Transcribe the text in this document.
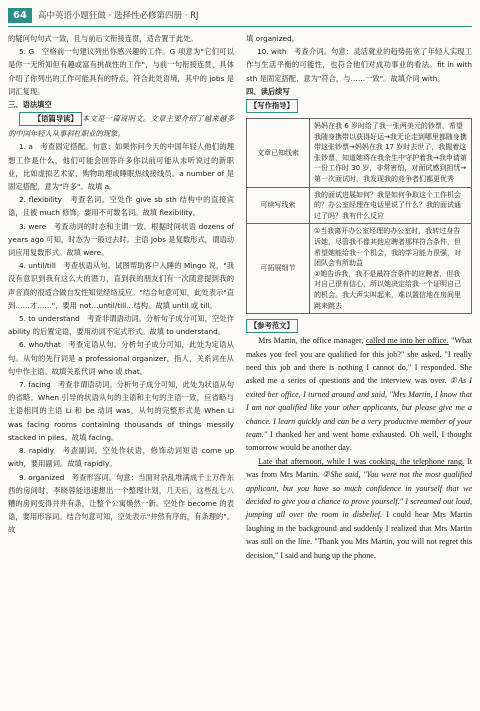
64	高中英语小题狂做 · 选择性必修第四册 · RJ

的疑问句句式一致，且与前后文衔接连贯，适合置于此处。

5. G　空格前一句建议列出你感兴趣的工作。G 项意为"它们可以是你一无所知但有趣或富有挑战性的工作"，与前一句衔接连贯，具体介绍了你列出的工作可能具有的特点，符合此处语境，其中的 jobs 是词汇复现。

三、语法填空

【语篇导读】 本文是一篇说明文。文章主要介绍了越来越多的中国年轻人从事斜杠职业的现象。

1. a　考查固定搭配。句意：如果你问今天的中国年轻人他们的理想工作是什么，他们可能会回答许多你以前可能从未听说过的新职业，比如虚拟艺术家、购物助理或睡眠热线接线员。a number of 是固定搭配，意为"许多"。故填 a。

2. flexibility　考查名词。空处作 give sb sth 结构中的直接宾语，且被 much 修饰，要用不可数名词。故填 flexibility。

3. were　考查动词的时态和主谓一致。根据时间状语 dozens of years ago 可知，时态为一般过去时。主语 Jobs 是复数形式，谓语动词应用复数形式。故填 were。

4. until/till　考查状语从句。试图帮助客户入睡的 Mingo 说，"我没有意识到我有这么大的潜力，直到我的朋友们有一次随意提到我的声音真的很适合做自发性知觉经络反应。"结合句意可知，此处表示"直到……才……"，要用 not…until/till…结构。故填 until 或 till。

5. to understand　考查非谓语动词。分析句子成分可知，空处作 ability 的后置定语，要用动词不定式形式。故填 to understand。

6. who/that　考查定语从句。分析句子成分可知，此处为定语从句。从句的先行词是 a professional organizer，指人，关系词在从句中作主语。故填关系代词 who 或 that。

7. facing　考查非谓语动词。分析句子成分可知，此处为状语从句的省略。When 引导的状语从句的主语和主句的主语一致，应省略与主语相同的主语 Li 和 be 动词 was，从句的完整形式是 When Li was facing rooms containing thousands of things messily stacked in piles。故填 facing。

8. rapidly　考查副词。空处作状语，修饰动词短语 come up with，要用副词。故填 rapidly。

9. organized　考查形容词。句意：当面对杂乱堆满成千上万件东西的房间时，李晓蓉能迅速想出一个整理计划，几天后，这些乱七八糟的房间变得井井有条，让整个公寓焕然一新。空处作 become 的表语，要用形容词。结合句意可知，空处表示"井然有序的，有条理的"。故

填 organized。

10. with　考查介词。句意：灵活就业的趋势拓宽了年轻人实现工作与生活平衡的可能性，也符合他们对成功事业的看法。fit in with sth 是固定搭配，意为"符合，与……一致"。故填介词 with。

四、读后续写

【写作指导】

文章已知线索	妈妈在我 6 岁时给了我一张两美元的钞票，希望我随身携带以获得好运→我无论走到哪里都随身携带这张钞票→妈妈在我 17 岁时去世了，我握着这张钞票，知道她将在我余生中守护着我→我申请第一份工作时 30 岁，非常害怕，对面试感到担忧→第一次面试时，我发现我的竞争者们都更优秀
可续写线索	我的面试进展如何？我是如何争取这个工作机会的？办公室经理在电话里说了什么？我的面试通过了吗？我有什么反应
可拓展细节	①当我离开办公室经理的办公室时，我转过身告诉她，尽管我不像其他应聘者那样符合条件，但希望她能给我一个机会，我的学习能力很强，对团队会有所助益
②她告诉我，我不是最符合条件的应聘者，但我对自己很有信心，所以她决定给我一个证明自己的机会。我大声尖叫起来，难以置信地在房间里跳来跳去

【参考范文】

Mrs Martin, the office manager, called me into her office. "What makes you feel you are qualified for this job?" she asked. "I really need this job and there is nothing I cannot do," I responded. She asked me a series of questions and the interview was over. ①As I exited her office, I turned around and said, "Mrs Martin, I know that I am not qualified like your other applicants, but please give me a chance. I learn quickly and can be a very productive member of your team." I thanked her and went home exhausted. Oh well, I thought tomorrow would be another day.

Late that afternoon, while I was cooking, the telephone rang. It was from Mrs Martin. ②She said, "You were not the most qualified applicant, but you have so much confidence in yourself that we decided to give you a chance to prove yourself." I screamed out loud, jumping all over the room in disbelief. I could hear Mrs Martin laughing in the background and suddenly I realized that Mrs Martin was still on the line. "Thank you Mrs Martin, you will not regret this decision," I said and hung up the phone.
